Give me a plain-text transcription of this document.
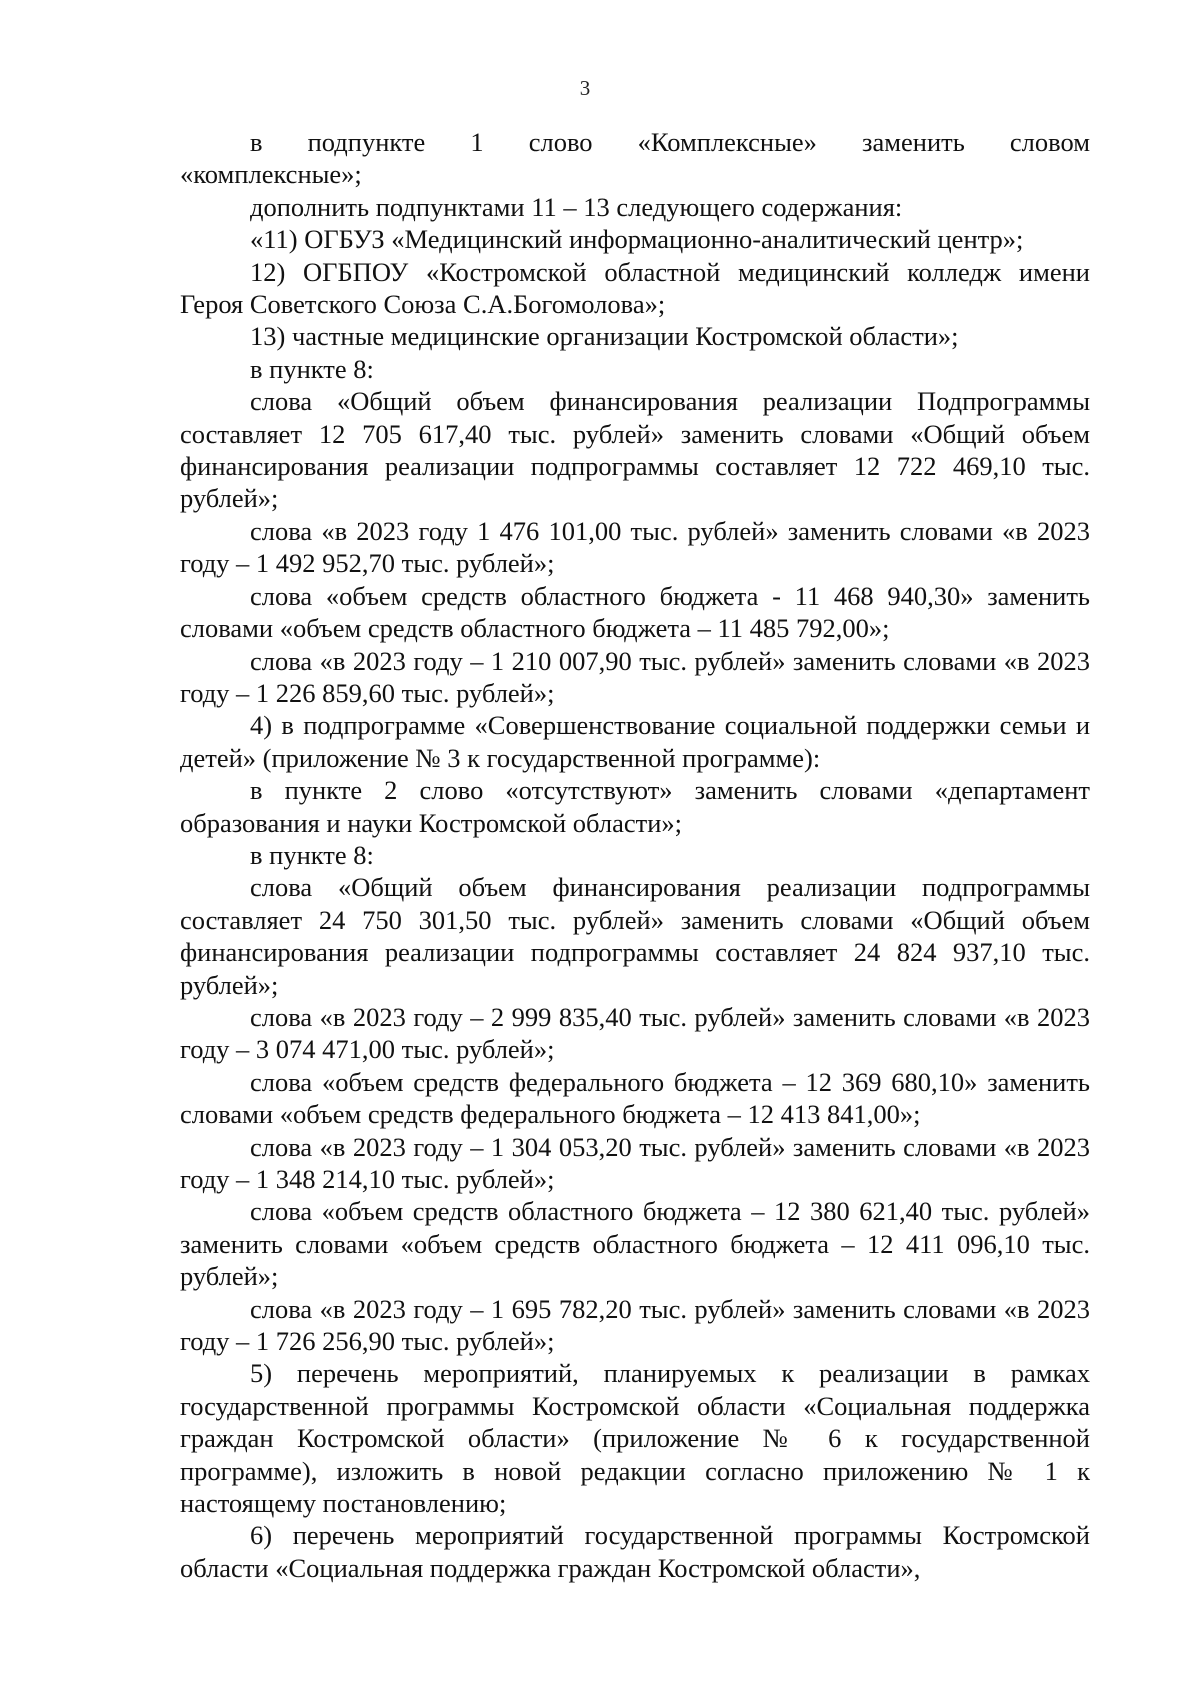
3

в подпункте 1 слово «Комплексные» заменить словом «комплексные»;

дополнить подпунктами 11 – 13 следующего содержания:

«11) ОГБУЗ «Медицинский информационно-аналитический центр»;

12) ОГБПОУ «Костромской областной медицинский колледж имени Героя Советского Союза С.А.Богомолова»;

13) частные медицинские организации Костромской области»;

в пункте 8:

слова «Общий объем финансирования реализации Подпрограммы составляет 12 705 617,40 тыс. рублей» заменить словами «Общий объем финансирования реализации подпрограммы составляет 12 722 469,10 тыс. рублей»;

слова «в 2023 году 1 476 101,00 тыс. рублей» заменить словами «в 2023 году – 1 492 952,70 тыс. рублей»;

слова «объем средств областного бюджета - 11 468 940,30» заменить словами «объем средств областного бюджета – 11 485 792,00»;

слова «в 2023 году – 1 210 007,90 тыс. рублей» заменить словами «в 2023 году – 1 226 859,60 тыс. рублей»;

4) в подпрограмме «Совершенствование социальной поддержки семьи и детей» (приложение № 3 к государственной программе):

в пункте 2 слово «отсутствуют» заменить словами «департамент образования и науки Костромской области»;

в пункте 8:

слова «Общий объем финансирования реализации подпрограммы составляет 24 750 301,50 тыс. рублей» заменить словами «Общий объем финансирования реализации подпрограммы составляет 24 824 937,10 тыс. рублей»;

слова «в 2023 году – 2 999 835,40 тыс. рублей» заменить словами «в 2023 году – 3 074 471,00 тыс. рублей»;

слова «объем средств федерального бюджета – 12 369 680,10» заменить словами «объем средств федерального бюджета – 12 413 841,00»;

слова «в 2023 году – 1 304 053,20 тыс. рублей» заменить словами «в 2023 году – 1 348 214,10 тыс. рублей»;

слова «объем средств областного бюджета – 12 380 621,40 тыс. рублей» заменить словами «объем средств областного бюджета – 12 411 096,10 тыс. рублей»;

слова «в 2023 году – 1 695 782,20 тыс. рублей» заменить словами «в 2023 году – 1 726 256,90 тыс. рублей»;

5) перечень мероприятий, планируемых к реализации в рамках государственной программы Костромской области «Социальная поддержка граждан Костромской области» (приложение № 6 к государственной программе), изложить в новой редакции согласно приложению № 1 к настоящему постановлению;

6) перечень мероприятий государственной программы Костромской области «Социальная поддержка граждан Костромской области»,
